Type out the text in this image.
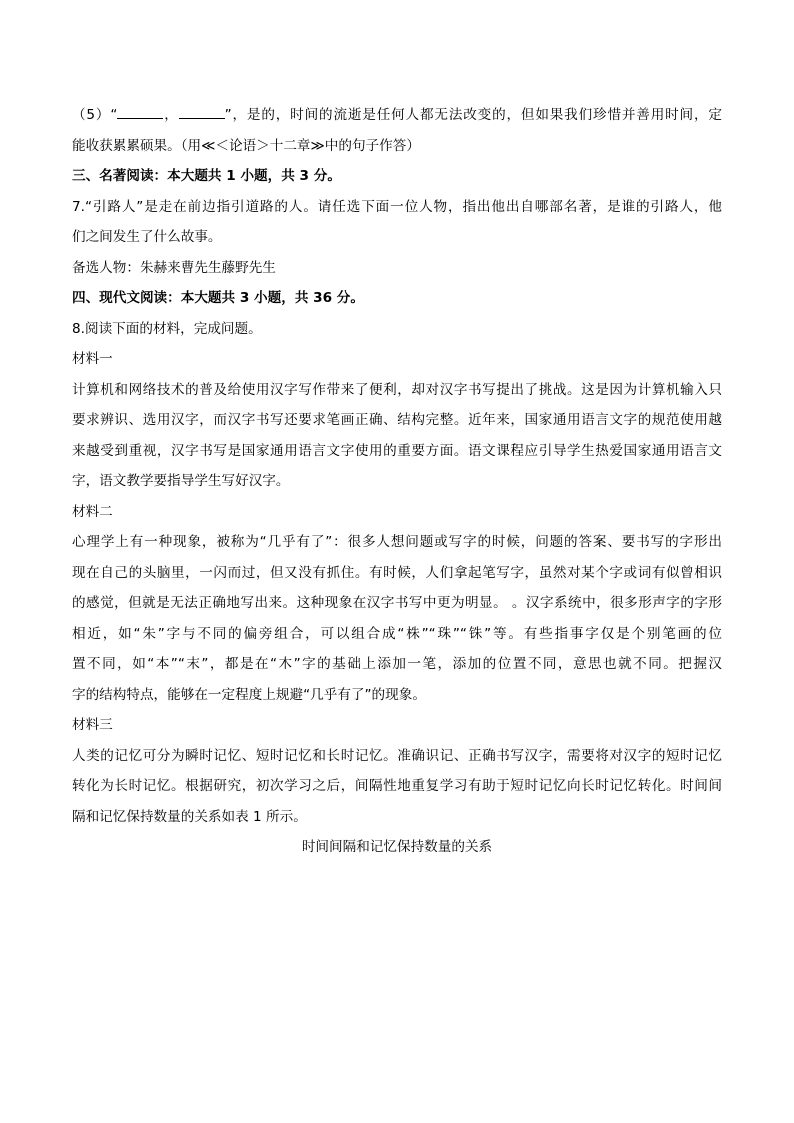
（5）“	，	”，是的，时间的流逝是任何人都无法改变的，但如果我们珍惜并善用时间，定
能收获累累硕果。（用≪＜论语＞十二章≫中的句子作答）
三、名著阅读：本大题共 1 小题，共 3 分。
7.“引路人”是走在前边指引道路的人。请任选下面一位人物，指出他出自哪部名著，是谁的引路人，他
们之间发生了什么故事。
备选人物：朱赫来曹先生藤野先生
四、现代文阅读：本大题共 3 小题，共 36 分。
8.阅读下面的材料，完成问题。
材料一
计算机和网络技术的普及给使用汉字写作带来了便利，却对汉字书写提出了挑战。这是因为计算机输入只
要求辨识、选用汉字，而汉字书写还要求笔画正确、结构完整。近年来，国家通用语言文字的规范使用越
来越受到重视，汉字书写是国家通用语言文字使用的重要方面。语文课程应引导学生热爱国家通用语言文
字，语文教学要指导学生写好汉字。
材料二
心理学上有一种现象，被称为“几乎有了”：很多人想问题或写字的时候，问题的答案、要书写的字形出
现在自己的头脑里，一闪而过，但又没有抓住。有时候，人们拿起笔写字，虽然对某个字或词有似曾相识
的感觉，但就是无法正确地写出来。这种现象在汉字书写中更为明显。 。汉字系统中，很多形声字的字形
相近，如“朱”字与不同的偏旁组合，可以组合成“株”“珠”“铢”等。有些指事字仅是个别笔画的位
置不同，如“本”“末”，都是在“木”字的基础上添加一笔，添加的位置不同，意思也就不同。把握汉
字的结构特点，能够在一定程度上规避“几乎有了”的现象。
材料三
人类的记忆可分为瞬时记忆、短时记忆和长时记忆。准确识记、正确书写汉字，需要将对汉字的短时记忆
转化为长时记忆。根据研究，初次学习之后，间隔性地重复学习有助于短时记忆向长时记忆转化。时间间
隔和记忆保持数量的关系如表 1 所示。
时间间隔和记忆保持数量的关系
